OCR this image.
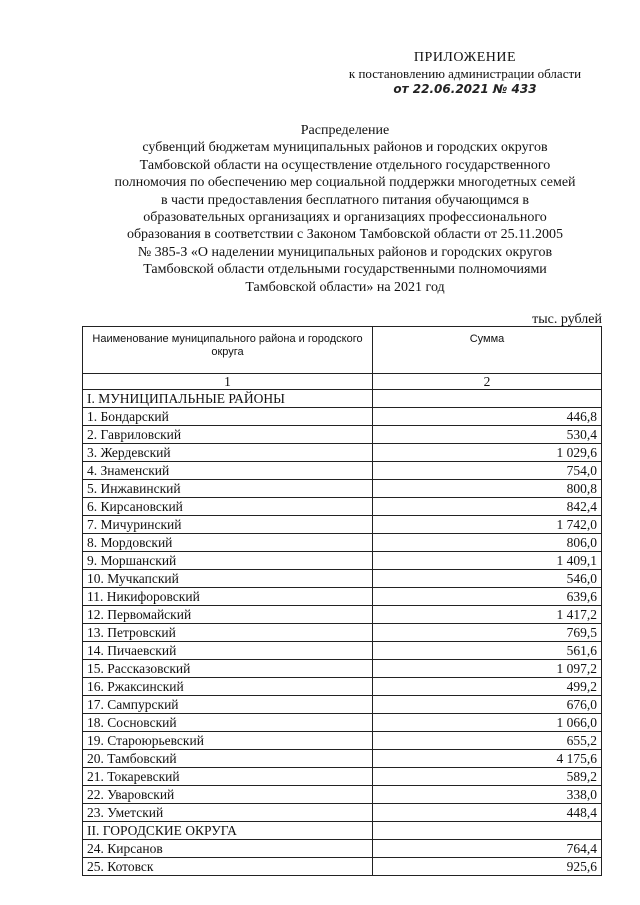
ПРИЛОЖЕНИЕ
к постановлению администрации области
от 22.06.2021 № 433
Распределение
субвенций бюджетам муниципальных районов и городских округов
Тамбовской области на осуществление отдельного государственного
полномочия по обеспечению мер социальной поддержки многодетных семей
в части предоставления бесплатного питания обучающимся в
образовательных организациях и организациях профессионального
образования в соответствии с Законом Тамбовской области от 25.11.2005
№ 385-З «О наделении муниципальных районов и городских округов
Тамбовской области отдельными государственными полномочиями
Тамбовской области» на 2021 год
тыс. рублей
Наименование муниципального района и городского округа	Сумма
1	2
I. МУНИЦИПАЛЬНЫЕ РАЙОНЫ	
1. Бондарский	446,8
2. Гавриловский	530,4
3. Жердевский	1 029,6
4. Знаменский	754,0
5. Инжавинский	800,8
6. Кирсановский	842,4
7. Мичуринский	1 742,0
8. Мордовский	806,0
9. Моршанский	1 409,1
10. Мучкапский	546,0
11. Никифоровский	639,6
12. Первомайский	1 417,2
13. Петровский	769,5
14. Пичаевский	561,6
15. Рассказовский	1 097,2
16. Ржаксинский	499,2
17. Сампурский	676,0
18. Сосновский	1 066,0
19. Староюрьевский	655,2
20. Тамбовский	4 175,6
21. Токаревский	589,2
22. Уваровский	338,0
23. Уметский	448,4
II. ГОРОДСКИЕ ОКРУГА	
24. Кирсанов	764,4
25. Котовск	925,6
